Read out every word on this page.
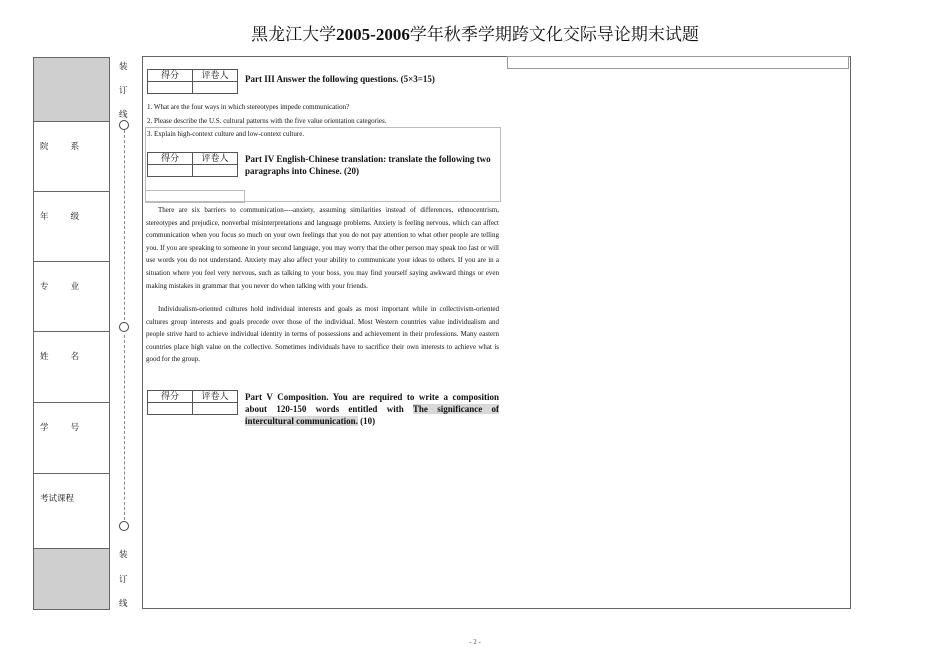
黑龙江大学2005-2006学年秋季学期跨文化交际导论期末试题
院 系
年 级
专 业
姓 名
学 号
考试课程
装
订
线
装
订
线
得分	评卷人
	Part III Answer the following questions. (5×3=15)
1. What are the four ways in which stereotypes impede communication?
2. Please describe the U.S. cultural patterns with the five value orientation categories.
3. Explain high-context culture and low-context culture.
得分	评卷人
	Part IV English-Chinese translation: translate the following two paragraphs into Chinese. (20)
There are six barriers to communication----anxiety, assuming similarities instead of differences, ethnocentrism, stereotypes and prejudice, nonverbal misinterpretations and language problems. Anxiety is feeling nervous, which can affect communication when you focus so much on your own feelings that you do not pay attention to what other people are telling you. If you are speaking to someone in your second language, you may worry that the other person may speak too fast or will use words you do not understand. Anxiety may also affect your ability to communicate your ideas to others. If you are in a situation where you feel very nervous, such as talking to your boss, you may find yourself saying awkward things or even making mistakes in grammar that you never do when talking with your friends.
Individualism-oriented cultures hold individual interests and goals as most important while in collectivism-oriented cultures group interests and goals precede over those of the individual. Most Western countries value individualism and people strive hard to achieve individual identity in terms of possessions and achievement in their professions. Many eastern countries place high value on the collective. Sometimes individuals have to sacrifice their own interests to achieve what is good for the group.
得分	评卷人
	Part V Composition. You are required to write a composition about 120-150 words entitled with The significance of intercultural communication. (10)
- 2 -
